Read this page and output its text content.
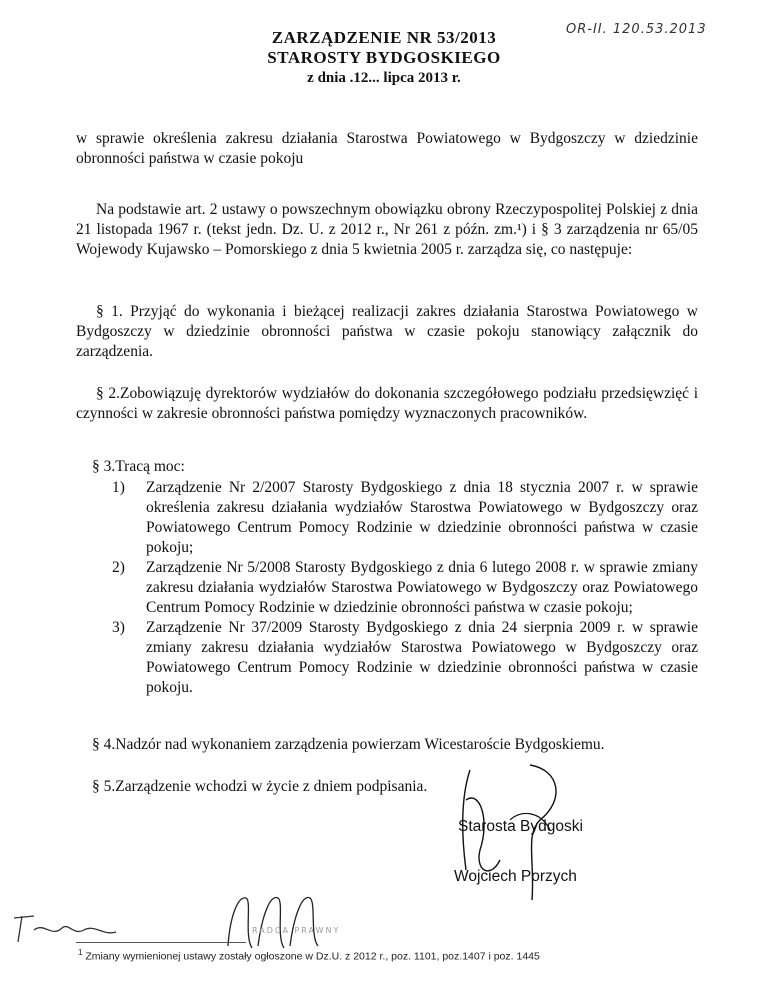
OR-II. 120.53.2013
ZARZĄDZENIE NR 53/2013
STAROSTY BYDGOSKIEGO
z dnia .12... lipca 2013 r.
w sprawie określenia zakresu działania Starostwa Powiatowego w Bydgoszczy w dziedzinie obronności państwa w czasie pokoju
Na podstawie art. 2 ustawy o powszechnym obowiązku obrony Rzeczypospolitej Polskiej z dnia 21 listopada 1967 r. (tekst jedn. Dz. U. z 2012 r., Nr 261 z późn. zm.¹) i § 3 zarządzenia nr 65/05 Wojewody Kujawsko – Pomorskiego z dnia 5 kwietnia 2005 r. zarządza się, co następuje:
§ 1. Przyjąć do wykonania i bieżącej realizacji zakres działania Starostwa Powiatowego w Bydgoszczy w dziedzinie obronności państwa w czasie pokoju stanowiący załącznik do zarządzenia.
§ 2.Zobowiązuję dyrektorów wydziałów do dokonania szczegółowego podziału przedsięwzięć i czynności w zakresie obronności państwa pomiędzy wyznaczonych pracowników.
§ 3.Tracą moc:
1) Zarządzenie Nr 2/2007 Starosty Bydgoskiego z dnia 18 stycznia 2007 r. w sprawie określenia zakresu działania wydziałów Starostwa Powiatowego w Bydgoszczy oraz Powiatowego Centrum Pomocy Rodzinie w dziedzinie obronności państwa w czasie pokoju;
2) Zarządzenie Nr 5/2008 Starosty Bydgoskiego z dnia 6 lutego 2008 r. w sprawie zmiany zakresu działania wydziałów Starostwa Powiatowego w Bydgoszczy oraz Powiatowego Centrum Pomocy Rodzinie w dziedzinie obronności państwa w czasie pokoju;
3) Zarządzenie Nr 37/2009 Starosty Bydgoskiego z dnia 24 sierpnia 2009 r. w sprawie zmiany zakresu działania wydziałów Starostwa Powiatowego w Bydgoszczy oraz Powiatowego Centrum Pomocy Rodzinie w dziedzinie obronności państwa w czasie pokoju.
§ 4.Nadzór nad wykonaniem zarządzenia powierzam Wicestaroście Bydgoskiemu.
§ 5.Zarządzenie wchodzi w życie z dniem podpisania.
Starosta Bydgoski
Wojciech Porzych
RADCA PRAWNY
$^1$ Zmiany wymienionej ustawy zostały ogłoszone w Dz.U. z 2012 r., poz. 1101, poz.1407 i poz. 1445
